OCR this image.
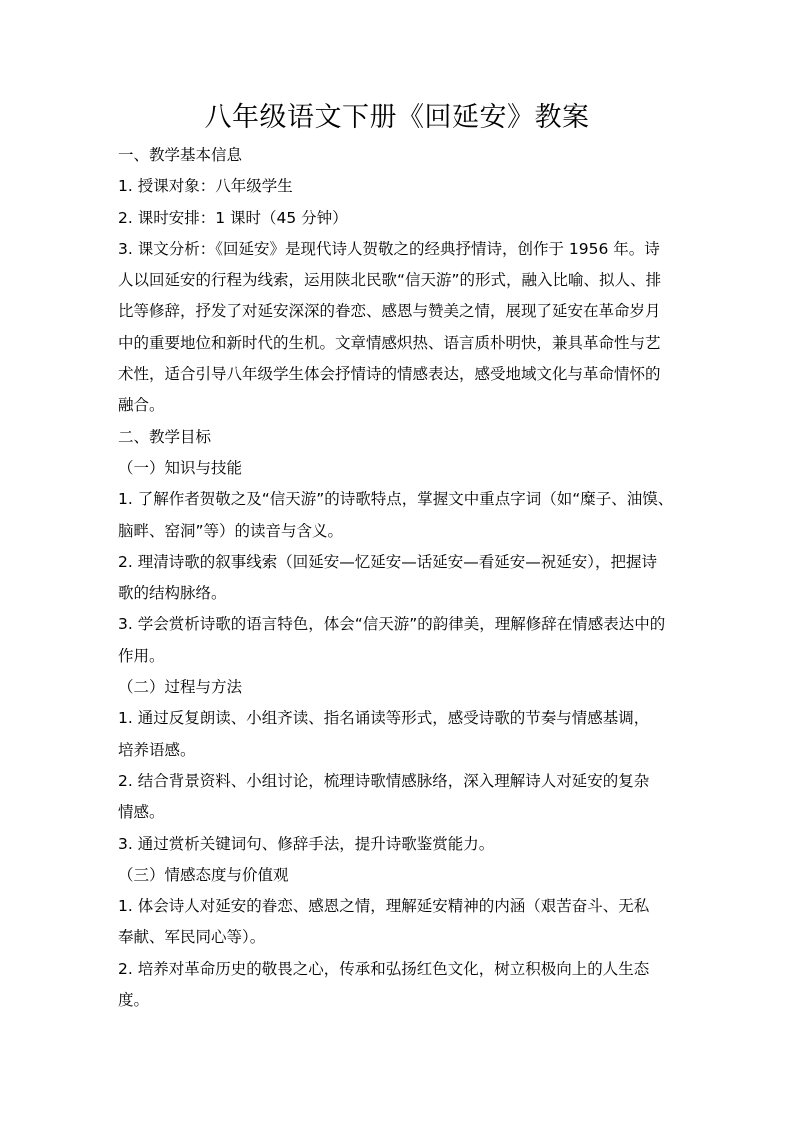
八年级语文下册《回延安》教案
一、教学基本信息
1. 授课对象：八年级学生
2. 课时安排：1 课时（45 分钟）
3. 课文分析：《回延安》是现代诗人贺敬之的经典抒情诗，创作于 1956 年。诗
人以回延安的行程为线索，运用陕北民歌“信天游”的形式，融入比喻、拟人、排
比等修辞，抒发了对延安深深的眷恋、感恩与赞美之情，展现了延安在革命岁月
中的重要地位和新时代的生机。文章情感炽热、语言质朴明快，兼具革命性与艺
术性，适合引导八年级学生体会抒情诗的情感表达，感受地域文化与革命情怀的
融合。
二、教学目标
（一）知识与技能
1. 了解作者贺敬之及“信天游”的诗歌特点，掌握文中重点字词（如“糜子、油馍、
脑畔、窑洞”等）的读音与含义。
2. 理清诗歌的叙事线索（回延安—忆延安—话延安—看延安—祝延安），把握诗
歌的结构脉络。
3. 学会赏析诗歌的语言特色，体会“信天游”的韵律美，理解修辞在情感表达中的
作用。
（二）过程与方法
1. 通过反复朗读、小组齐读、指名诵读等形式，感受诗歌的节奏与情感基调，
培养语感。
2. 结合背景资料、小组讨论，梳理诗歌情感脉络，深入理解诗人对延安的复杂
情感。
3. 通过赏析关键词句、修辞手法，提升诗歌鉴赏能力。
（三）情感态度与价值观
1. 体会诗人对延安的眷恋、感恩之情，理解延安精神的内涵（艰苦奋斗、无私
奉献、军民同心等）。
2. 培养对革命历史的敬畏之心，传承和弘扬红色文化，树立积极向上的人生态
度。
